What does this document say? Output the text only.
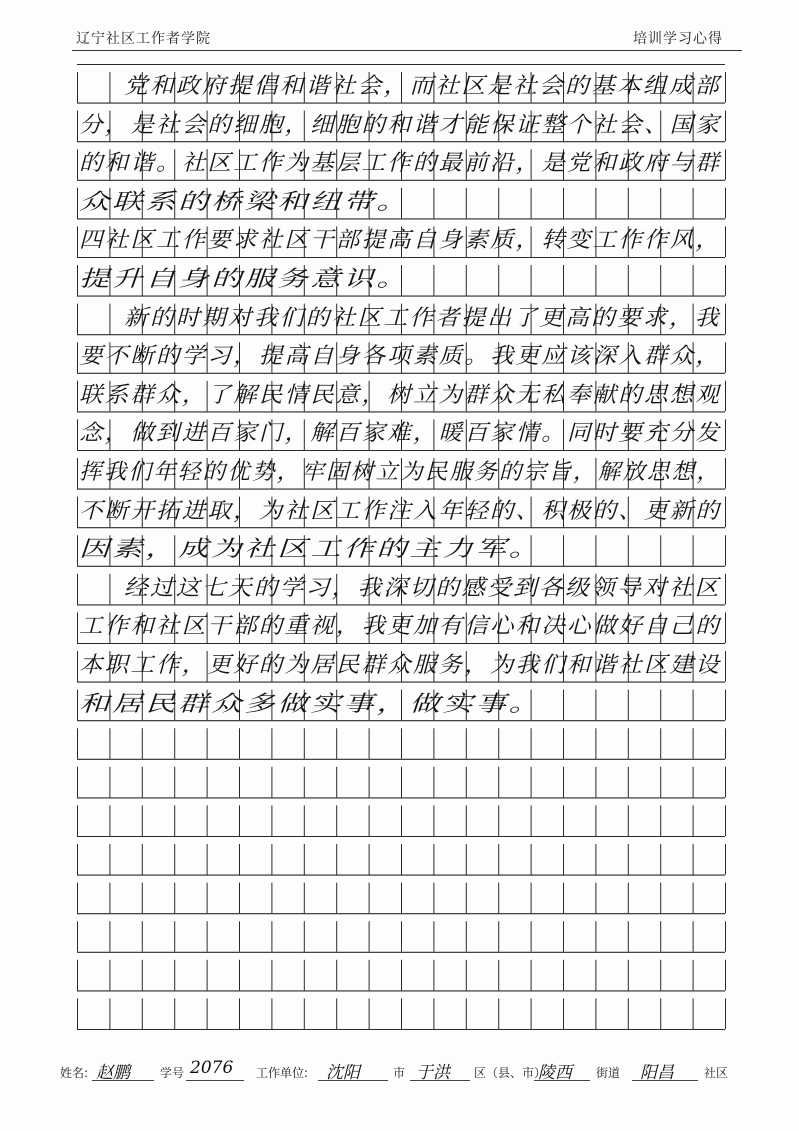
辽宁社区工作者学院	培训学习心得
党和政府提倡和谐社会，而社区是社会的基本组成部
分，是社会的细胞，细胞的和谐才能保证整个社会、国家
的和谐。社区工作为基层工作的最前沿，是党和政府与群
众联系的桥梁和纽带。
四社区工作要求社区干部提高自身素质，转变工作作风，
提升自身的服务意识。
新的时期对我们的社区工作者提出了更高的要求，我
要不断的学习，提高自身各项素质。我更应该深入群众，
联系群众，了解民情民意，树立为群众无私奉献的思想观
念，做到进百家门，解百家难，暖百家情。同时要充分发
挥我们年轻的优势，牢固树立为民服务的宗旨，解放思想，
不断开拓进取，为社区工作注入年轻的、积极的、更新的
因素，成为社区工作的主力军。
经过这七天的学习，我深切的感受到各级领导对社区
工作和社区干部的重视，我更加有信心和决心做好自己的
本职工作，更好的为居民群众服务，为我们和谐社区建设
和居民群众多做实事，做实事。
姓名: 赵鹏	学号 2076 工作单位: 沈阳	市 于洪 区（县、市）
陵西 街道 阳昌	社区
